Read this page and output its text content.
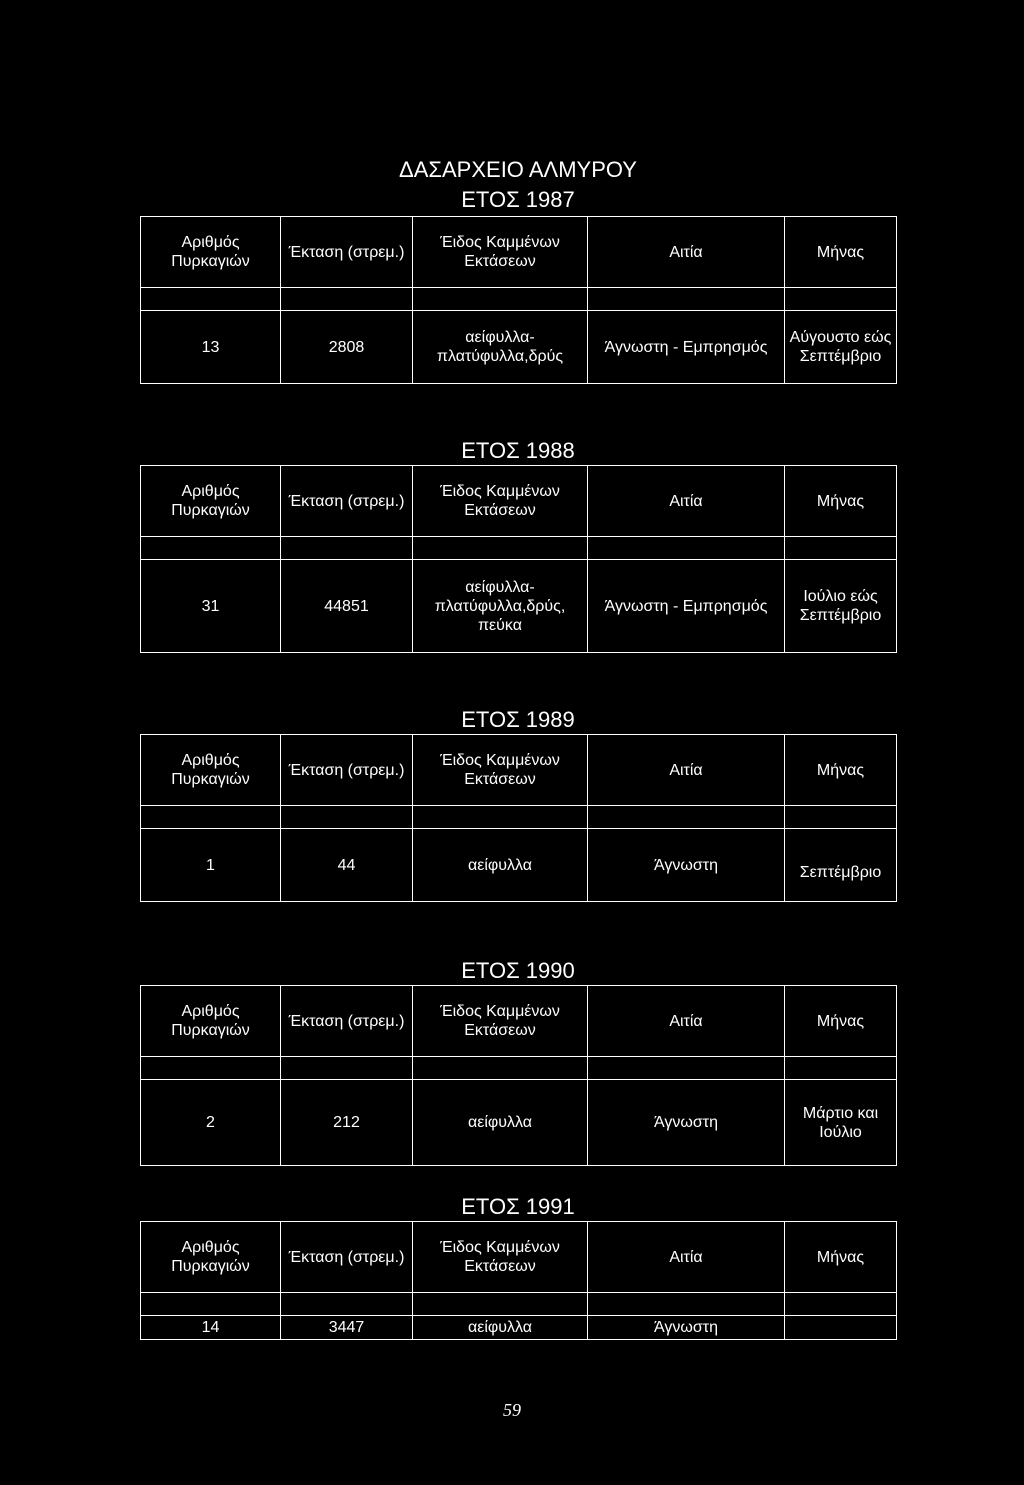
ΔΑΣΑΡΧΕΙΟ ΑΛΜΥΡΟΥ
ΕΤΟΣ 1987
Αριθμός Πυρκαγιών	Έκταση (στρεμ.)	Έιδος Καμμένων Εκτάσεων	Αιτία	Μήνας

13	2808	αείφυλλα-πλατύφυλλα,δρύς	Άγνωστη - Εμπρησμός	Αύγουστο εώς Σεπτέμβριο
ΕΤΟΣ 1988
Αριθμός Πυρκαγιών	Έκταση (στρεμ.)	Έιδος Καμμένων Εκτάσεων	Αιτία	Μήνας

31	44851	αείφυλλα-πλατύφυλλα,δρύς, πεύκα	Άγνωστη - Εμπρησμός	Ιούλιο εώς Σεπτέμβριο
ΕΤΟΣ 1989
Αριθμός Πυρκαγιών	Έκταση (στρεμ.)	Έιδος Καμμένων Εκτάσεων	Αιτία	Μήνας

1	44	αείφυλλα	Άγνωστη	Σεπτέμβριο
ΕΤΟΣ 1990
Αριθμός Πυρκαγιών	Έκταση (στρεμ.)	Έιδος Καμμένων Εκτάσεων	Αιτία	Μήνας

2	212	αείφυλλα	Άγνωστη	Μάρτιο και Ιούλιο
ΕΤΟΣ 1991
Αριθμός Πυρκαγιών	Έκταση (στρεμ.)	Έιδος Καμμένων Εκτάσεων	Αιτία	Μήνας

14	3447	αείφυλλα	Άγνωστη	
59
